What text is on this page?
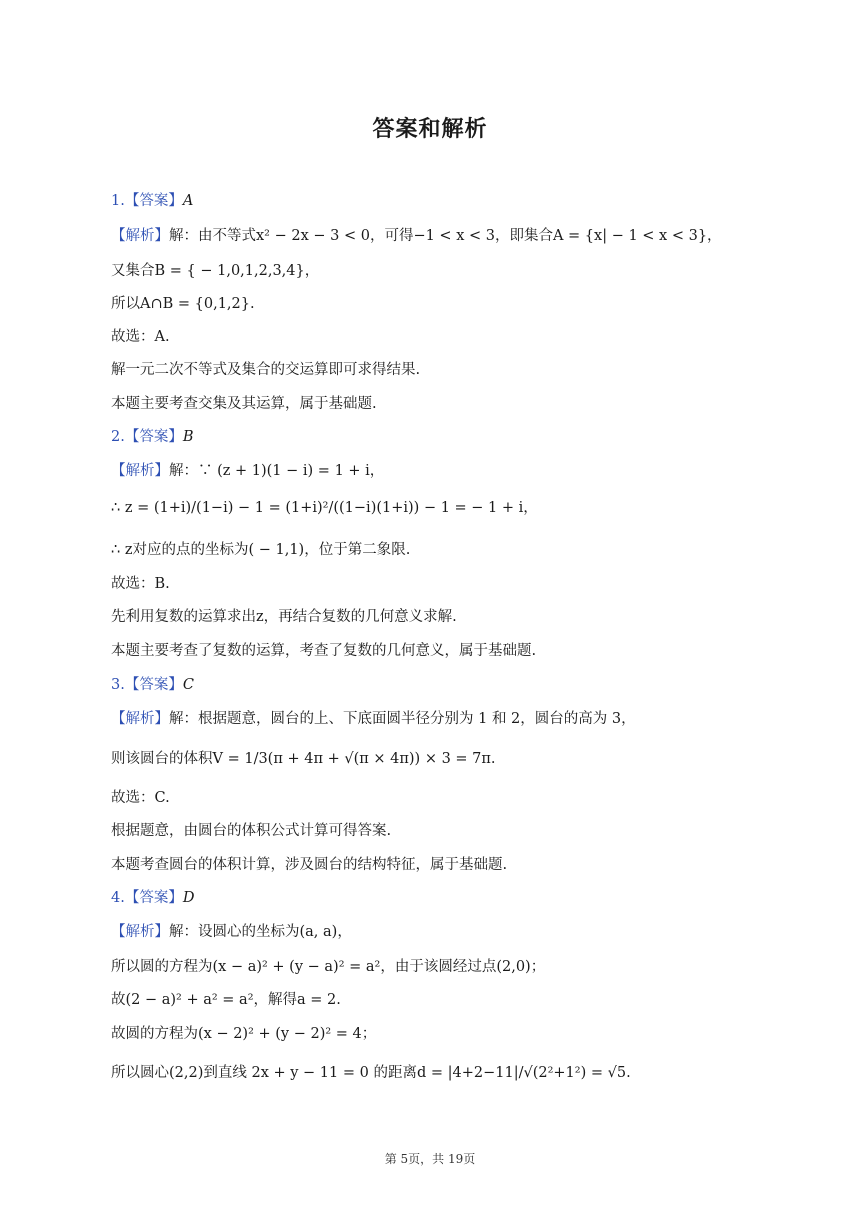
答案和解析
1.【答案】A
【解析】解：由不等式x² − 2x − 3 < 0，可得−1 < x < 3，即集合A = {x| − 1 < x < 3}，
又集合B = { − 1,0,1,2,3,4}，
所以A∩B = {0,1,2}.
故选：A.
解一元二次不等式及集合的交运算即可求得结果.
本题主要考查交集及其运算，属于基础题.
2.【答案】B
【解析】解：∵ (z + 1)(1 − i) = 1 + i，
∴ z = (1+i)/(1−i) − 1 = (1+i)²/((1−i)(1+i)) − 1 = − 1 + i，
∴ z对应的点的坐标为( − 1,1)，位于第二象限.
故选：B.
先利用复数的运算求出z，再结合复数的几何意义求解.
本题主要考查了复数的运算，考查了复数的几何意义，属于基础题.
3.【答案】C
【解析】解：根据题意，圆台的上、下底面圆半径分别为 1 和 2，圆台的高为 3，
则该圆台的体积V = 1/3(π + 4π + √(π × 4π)) × 3 = 7π.
故选：C.
根据题意，由圆台的体积公式计算可得答案.
本题考查圆台的体积计算，涉及圆台的结构特征，属于基础题.
4.【答案】D
【解析】解：设圆心的坐标为(a, a)，
所以圆的方程为(x − a)² + (y − a)² = a²，由于该圆经过点(2,0)；
故(2 − a)² + a² = a²，解得a = 2.
故圆的方程为(x − 2)² + (y − 2)² = 4；
所以圆心(2,2)到直线 2x + y − 11 = 0 的距离d = |4+2−11|/√(2²+1²) = √5.
第 5页，共 19页
